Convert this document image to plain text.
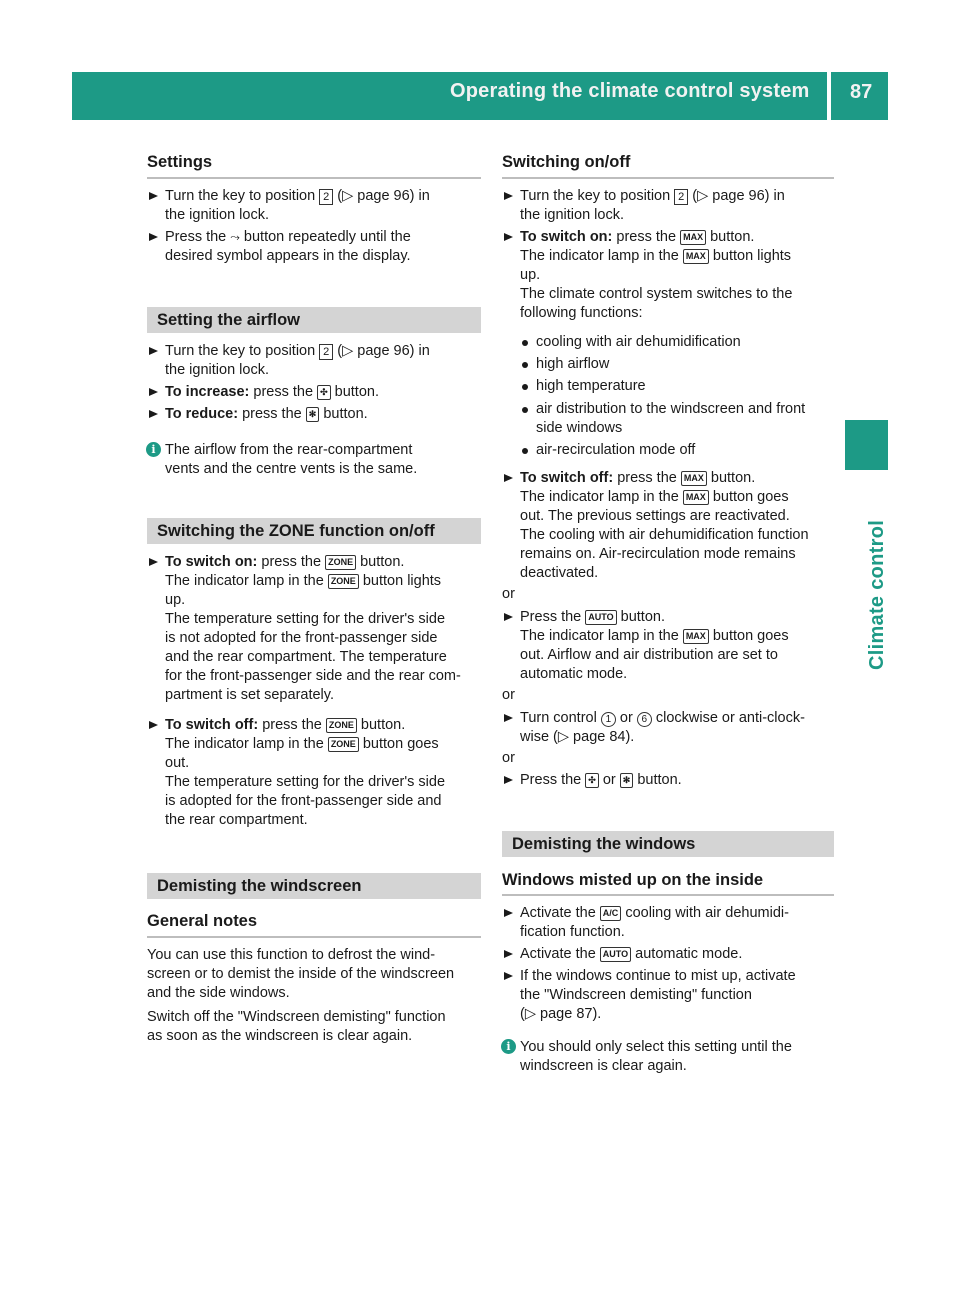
Operating the climate control system 87
Climate control
Settings
Turn the key to position 2 (▷ page 96) in
the ignition lock.
Press the ⤳ button repeatedly until the
desired symbol appears in the display.
Setting the airflow
Turn the key to position 2 (▷ page 96) in
the ignition lock.
To increase: press the ✣ button.
To reduce: press the ✻ button.
i The airflow from the rear-compartment
vents and the centre vents is the same.
Switching the ZONE function on/off
To switch on: press the ZONE button.
The indicator lamp in the ZONE button lights
up.
The temperature setting for the driver's side
is not adopted for the front-passenger side
and the rear compartment. The temperature
for the front-passenger side and the rear com-
partment is set separately.
To switch off: press the ZONE button.
The indicator lamp in the ZONE button goes
out.
The temperature setting for the driver's side
is adopted for the front-passenger side and
the rear compartment.
Demisting the windscreen
General notes
You can use this function to defrost the wind-
screen or to demist the inside of the windscreen
and the side windows.
Switch off the "Windscreen demisting" function
as soon as the windscreen is clear again.
Switching on/off
Turn the key to position 2 (▷ page 96) in
the ignition lock.
To switch on: press the MAX button.
The indicator lamp in the MAX button lights
up.
The climate control system switches to the
following functions:
cooling with air dehumidification
high airflow
high temperature
air distribution to the windscreen and front
side windows
air-recirculation mode off
To switch off: press the MAX button.
The indicator lamp in the MAX button goes
out. The previous settings are reactivated.
The cooling with air dehumidification function
remains on. Air-recirculation mode remains
deactivated.
or
Press the AUTO button.
The indicator lamp in the MAX button goes
out. Airflow and air distribution are set to
automatic mode.
or
Turn control 1 or 6 clockwise or anti-clock-
wise (▷ page 84).
or
Press the ✣ or ✻ button.
Demisting the windows
Windows misted up on the inside
Activate the A/C cooling with air dehumidi-
fication function.
Activate the AUTO automatic mode.
If the windows continue to mist up, activate
the "Windscreen demisting" function
(▷ page 87).
i You should only select this setting until the
windscreen is clear again.
